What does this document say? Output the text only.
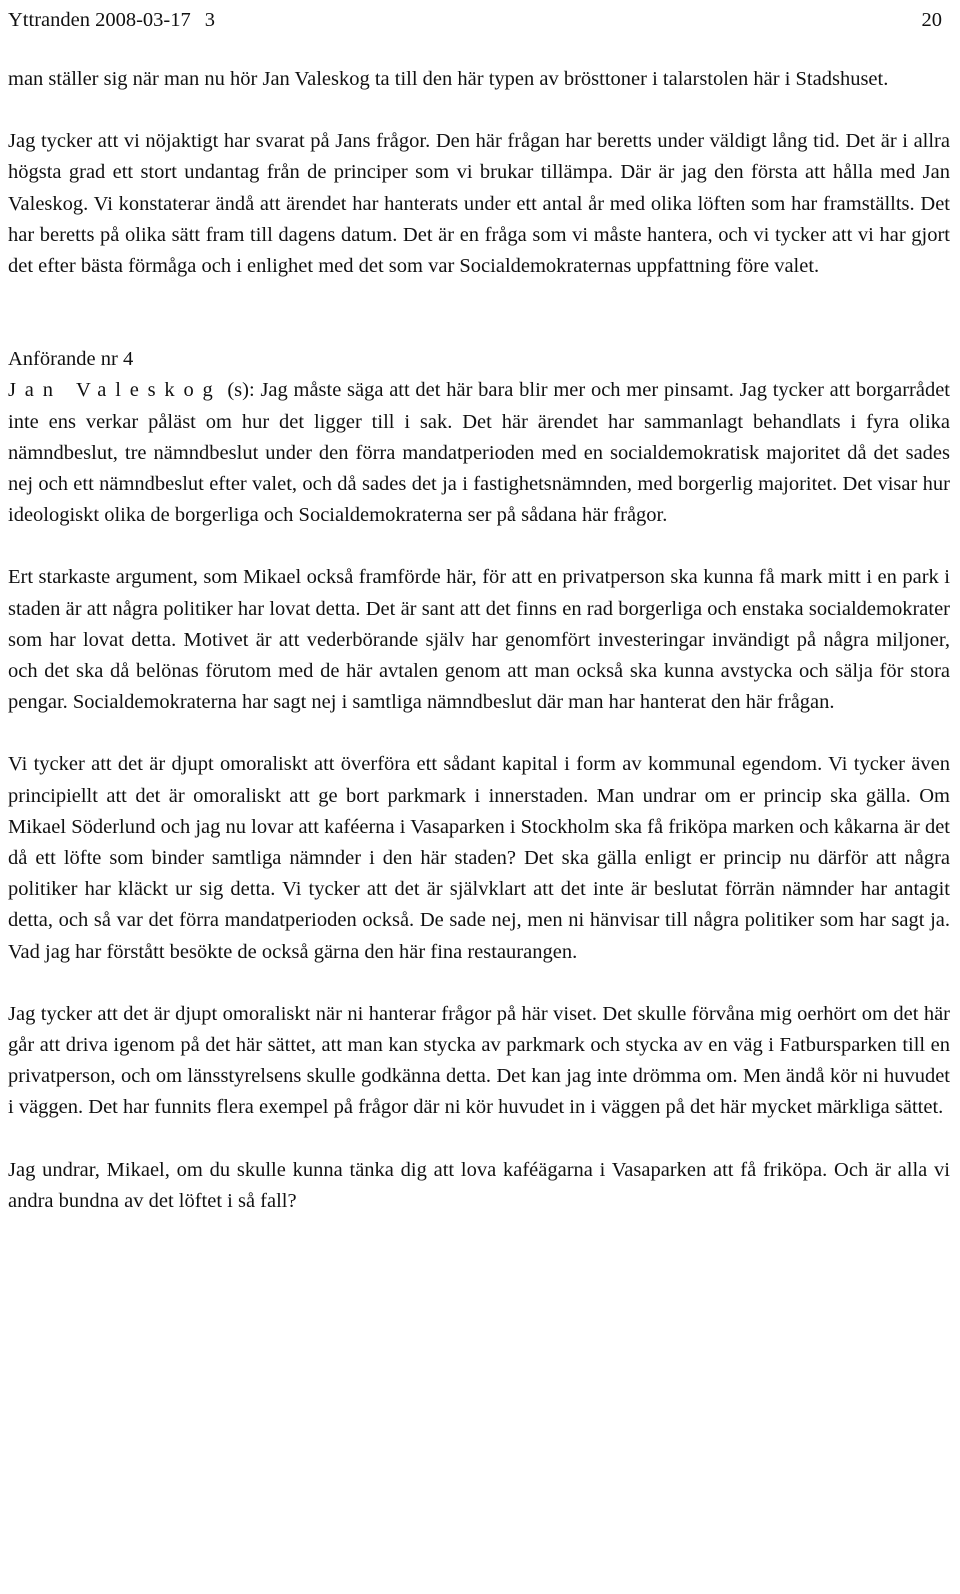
Yttranden 2008-03-17 3	20

man ställer sig när man nu hör Jan Valeskog ta till den här typen av brösttoner i talarstolen här i Stadshuset.

Jag tycker att vi nöjaktigt har svarat på Jans frågor. Den här frågan har beretts under väldigt lång tid. Det är i allra högsta grad ett stort undantag från de principer som vi brukar tillämpa. Där är jag den första att hålla med Jan Valeskog. Vi konstaterar ändå att ärendet har hanterats under ett antal år med olika löften som har framställts. Det har beretts på olika sätt fram till dagens datum. Det är en fråga som vi måste hantera, och vi tycker att vi har gjort det efter bästa förmåga och i enlighet med det som var Socialdemokraternas uppfattning före valet.

Anförande nr 4

Jan Valeskog (s): Jag måste säga att det här bara blir mer och mer pinsamt. Jag tycker att borgarrådet inte ens verkar påläst om hur det ligger till i sak. Det här ärendet har sammanlagt behandlats i fyra olika nämndbeslut, tre nämndbeslut under den förra mandatperioden med en socialdemokratisk majoritet då det sades nej och ett nämndbeslut efter valet, och då sades det ja i fastighetsnämnden, med borgerlig majoritet. Det visar hur ideologiskt olika de borgerliga och Socialdemokraterna ser på sådana här frågor.

Ert starkaste argument, som Mikael också framförde här, för att en privatperson ska kunna få mark mitt i en park i staden är att några politiker har lovat detta. Det är sant att det finns en rad borgerliga och enstaka socialdemokrater som har lovat detta. Motivet är att vederbörande själv har genomfört investeringar invändigt på några miljoner, och det ska då belönas förutom med de här avtalen genom att man också ska kunna avstycka och sälja för stora pengar. Socialdemokraterna har sagt nej i samtliga nämndbeslut där man har hanterat den här frågan.

Vi tycker att det är djupt omoraliskt att överföra ett sådant kapital i form av kommunal egendom. Vi tycker även principiellt att det är omoraliskt att ge bort parkmark i innerstaden. Man undrar om er princip ska gälla. Om Mikael Söderlund och jag nu lovar att kaféerna i Vasaparken i Stockholm ska få friköpa marken och kåkarna är det då ett löfte som binder samtliga nämnder i den här staden? Det ska gälla enligt er princip nu därför att några politiker har kläckt ur sig detta. Vi tycker att det är självklart att det inte är beslutat förrän nämnder har antagit detta, och så var det förra mandatperioden också. De sade nej, men ni hänvisar till några politiker som har sagt ja. Vad jag har förstått besökte de också gärna den här fina restaurangen.

Jag tycker att det är djupt omoraliskt när ni hanterar frågor på här viset. Det skulle förvåna mig oerhört om det här går att driva igenom på det här sättet, att man kan stycka av parkmark och stycka av en väg i Fatbursparken till en privatperson, och om länsstyrelsens skulle godkänna detta. Det kan jag inte drömma om. Men ändå kör ni huvudet i väggen. Det har funnits flera exempel på frågor där ni kör huvudet in i väggen på det här mycket märkliga sättet.

Jag undrar, Mikael, om du skulle kunna tänka dig att lova kaféägarna i Vasaparken att få friköpa. Och är alla vi andra bundna av det löftet i så fall?
